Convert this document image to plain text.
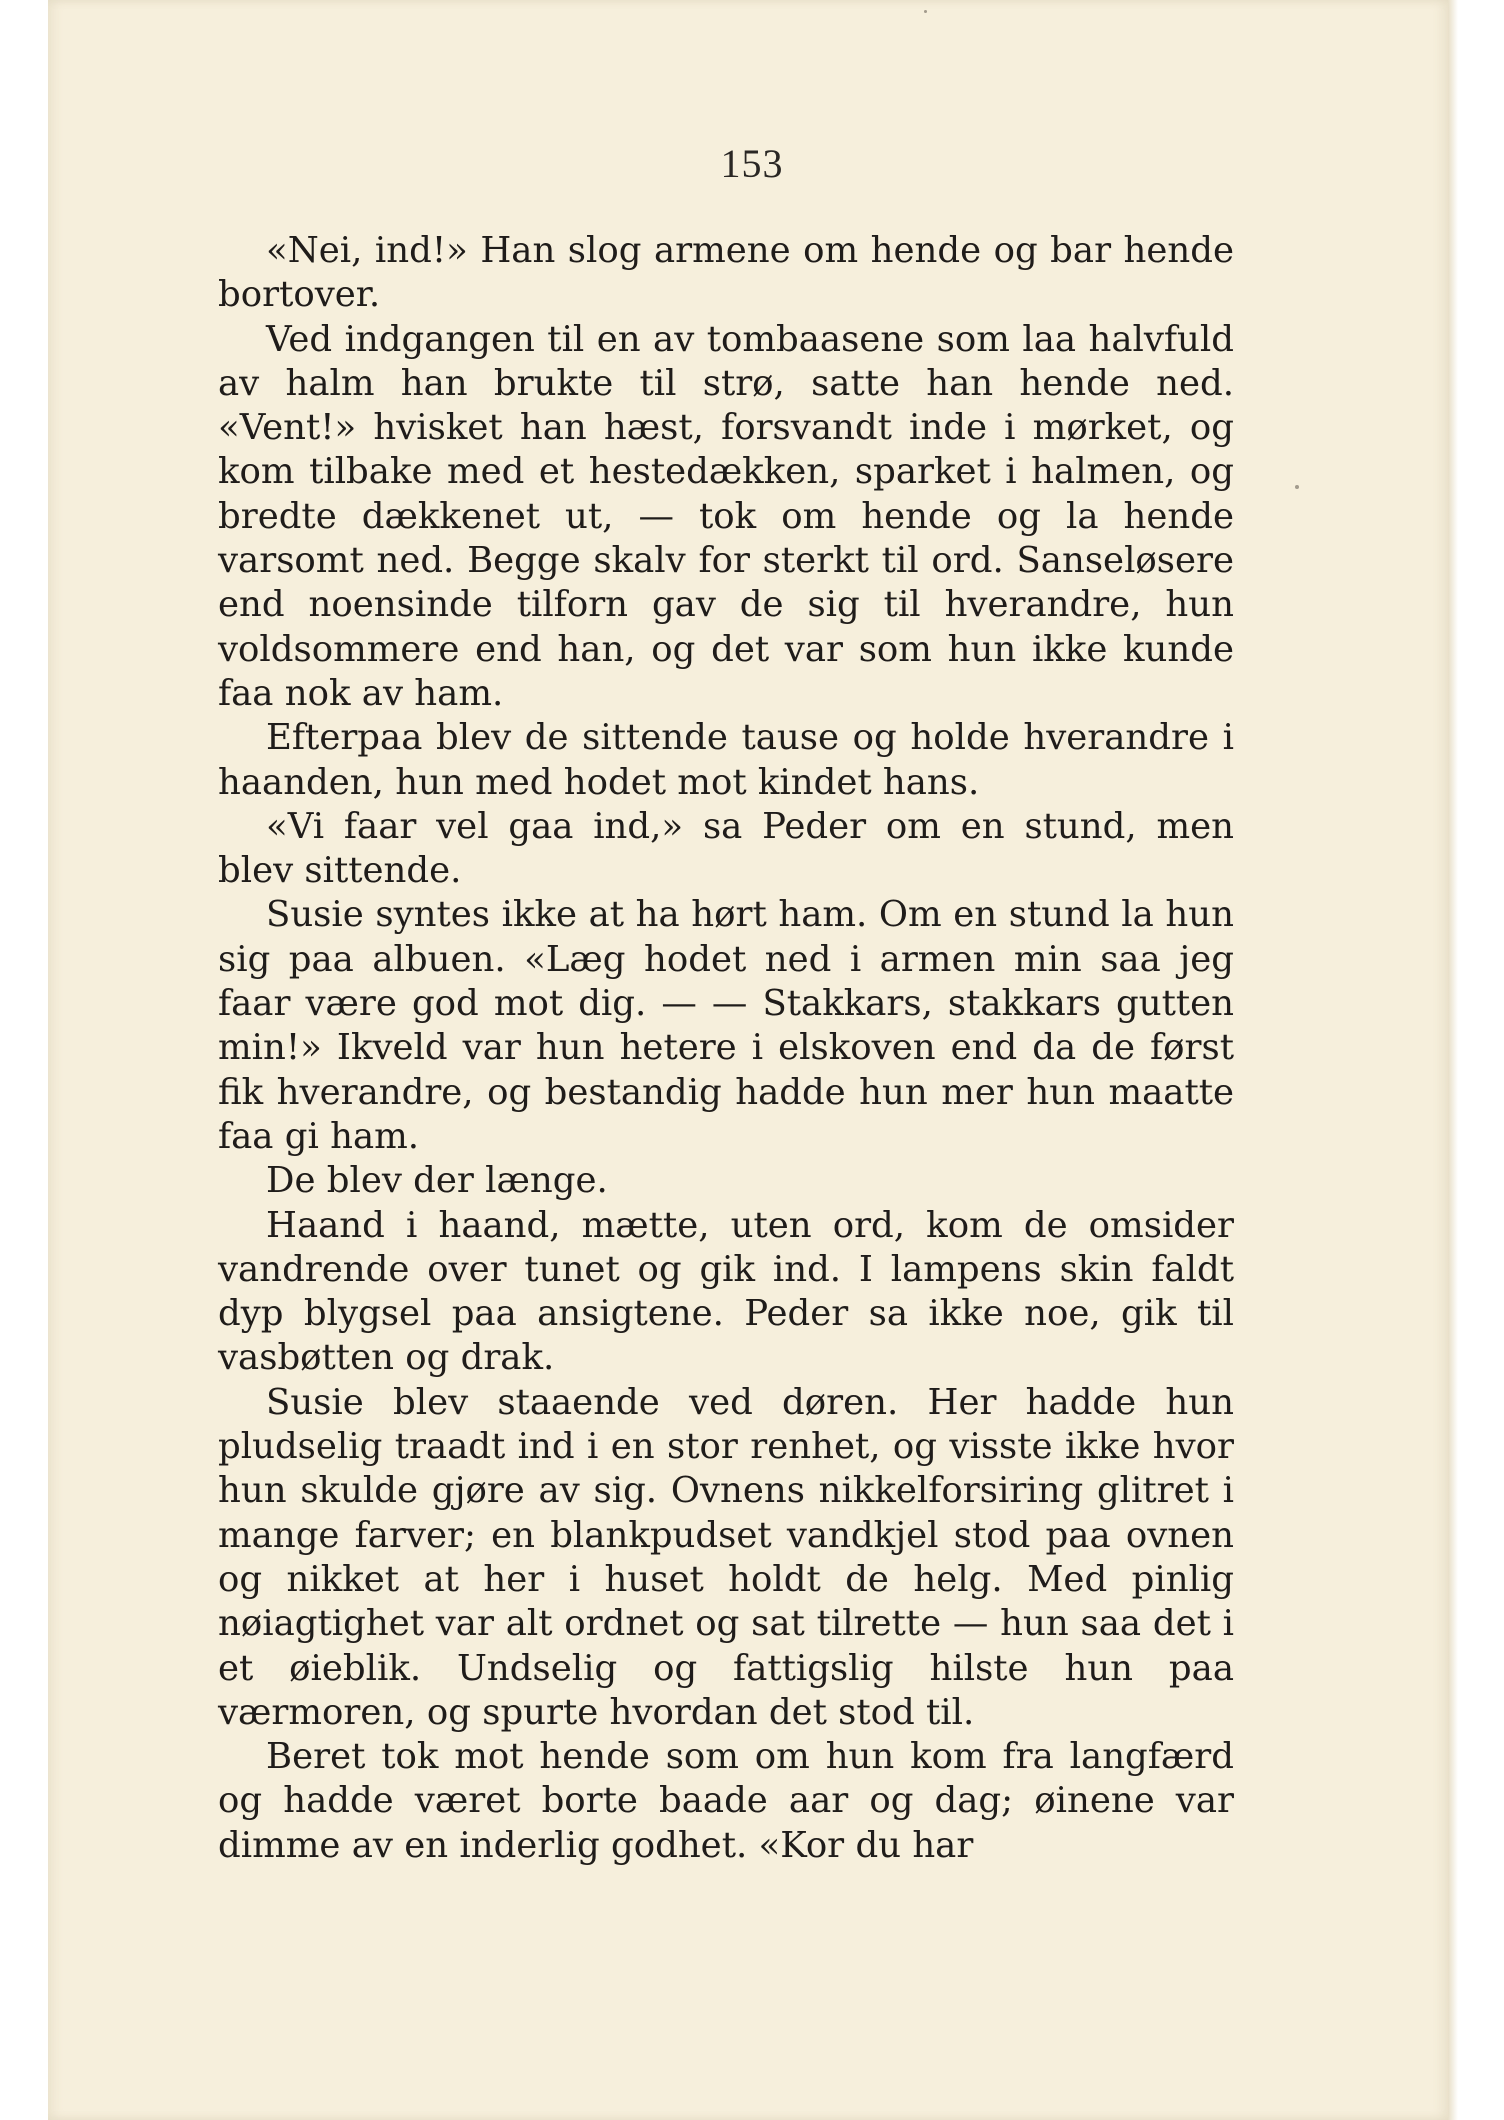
153

«Nei, ind!» Han slog armene om hende og bar hende bortover.

Ved indgangen til en av tombaasene som laa halvfuld av halm han brukte til strø, satte han hende ned. «Vent!» hvisket han hæst, forsvandt inde i mørket, og kom tilbake med et hestedækken, sparket i halmen, og bredte dækkenet ut, — tok om hende og la hende varsomt ned. Begge skalv for sterkt til ord. Sanseløsere end noensinde tilforn gav de sig til hverandre, hun voldsommere end han, og det var som hun ikke kunde faa nok av ham.

Efterpaa blev de sittende tause og holde hverandre i haanden, hun med hodet mot kindet hans.

«Vi faar vel gaa ind,» sa Peder om en stund, men blev sittende.

Susie syntes ikke at ha hørt ham. Om en stund la hun sig paa albuen. «Læg hodet ned i armen min saa jeg faar være god mot dig. — — Stakkars, stakkars gutten min!» Ikveld var hun hetere i elskoven end da de først fik hverandre, og bestandig hadde hun mer hun maatte faa gi ham.

De blev der længe.

Haand i haand, mætte, uten ord, kom de omsider vandrende over tunet og gik ind. I lampens skin faldt dyp blygsel paa ansigtene. Peder sa ikke noe, gik til vasbøtten og drak.

Susie blev staaende ved døren. Her hadde hun pludselig traadt ind i en stor renhet, og visste ikke hvor hun skulde gjøre av sig. Ovnens nikkelforsiring glitret i mange farver; en blankpudset vandkjel stod paa ovnen og nikket at her i huset holdt de helg. Med pinlig nøiagtighet var alt ordnet og sat tilrette — hun saa det i et øieblik. Undselig og fattigslig hilste hun paa værmoren, og spurte hvordan det stod til.

Beret tok mot hende som om hun kom fra langfærd og hadde været borte baade aar og dag; øinene var dimme av en inderlig godhet. «Kor du har
